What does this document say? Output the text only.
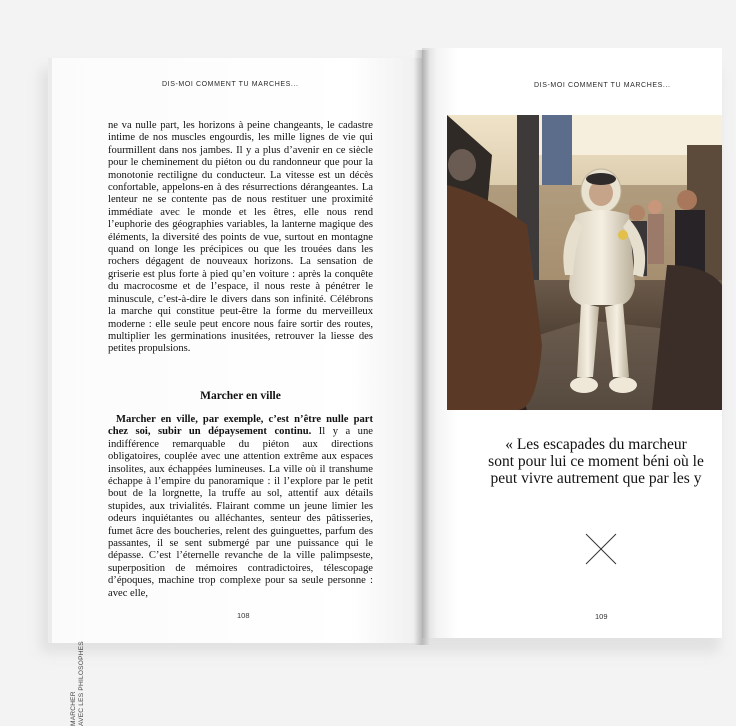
DIS-MOI COMMENT TU MARCHES...
MARCHER AVEC LES PHILOSOPHES

ne va nulle part, les horizons à peine changeants, le cadastre intime de nos muscles engourdis, les mille lignes de vie qui fourmillent dans nos jambes. Il y a plus d’avenir en ce siècle pour le cheminement du piéton ou du randonneur que pour la monotonie rectiligne du conducteur. La vitesse est un décès confortable, appelons-en à des résurrections dérangeantes. La lenteur ne se contente pas de nous restituer une proximité immédiate avec le monde et les êtres, elle nous rend l’euphorie des géographies variables, la lanterne magique des éléments, la diversité des points de vue, surtout en montagne quand on longe les précipices ou que les trouées dans les rochers dégagent de nouveaux horizons. La sensation de griserie est plus forte à pied qu’en voiture : après la conquête du macrocosme et de l’espace, il nous reste à pénétrer le minuscule, c’est-à-dire le divers dans son infinité. Célébrons la marche qui constitue peut-être la forme du merveilleux moderne : elle seule peut encore nous faire sortir des routes, multiplier les germinations inusitées, retrouver la liesse des petites propulsions.

Marcher en ville

Marcher en ville, par exemple, c’est n’être nulle part chez soi, subir un dépaysement continu. Il y a une indifférence remarquable du piéton aux directions obligatoires, couplée avec une attention extrême aux espaces insolites, aux échappées lumineuses. La ville où il transhume échappe à l’empire du panoramique : il l’explore par le petit bout de la lorgnette, la truffe au sol, attentif aux détails stupides, aux trivialités. Flairant comme un jeune limier les odeurs inquiétantes ou alléchantes, senteur des pâtisseries, fumet âcre des boucheries, relent des guinguettes, parfum des passantes, il se sent submergé par une puissance qui le dépasse. C’est l’éternelle revanche de la ville palimpseste, superposition de mémoires contradictoires, télescopage d’époques, machine trop complexe pour sa seule personne : avec elle,

108
DIS-MOI COMMENT TU MARCHES...
« Les escapades du marcheur
sont pour lui ce moment béni où le
peut vivre autrement que par les y
109
